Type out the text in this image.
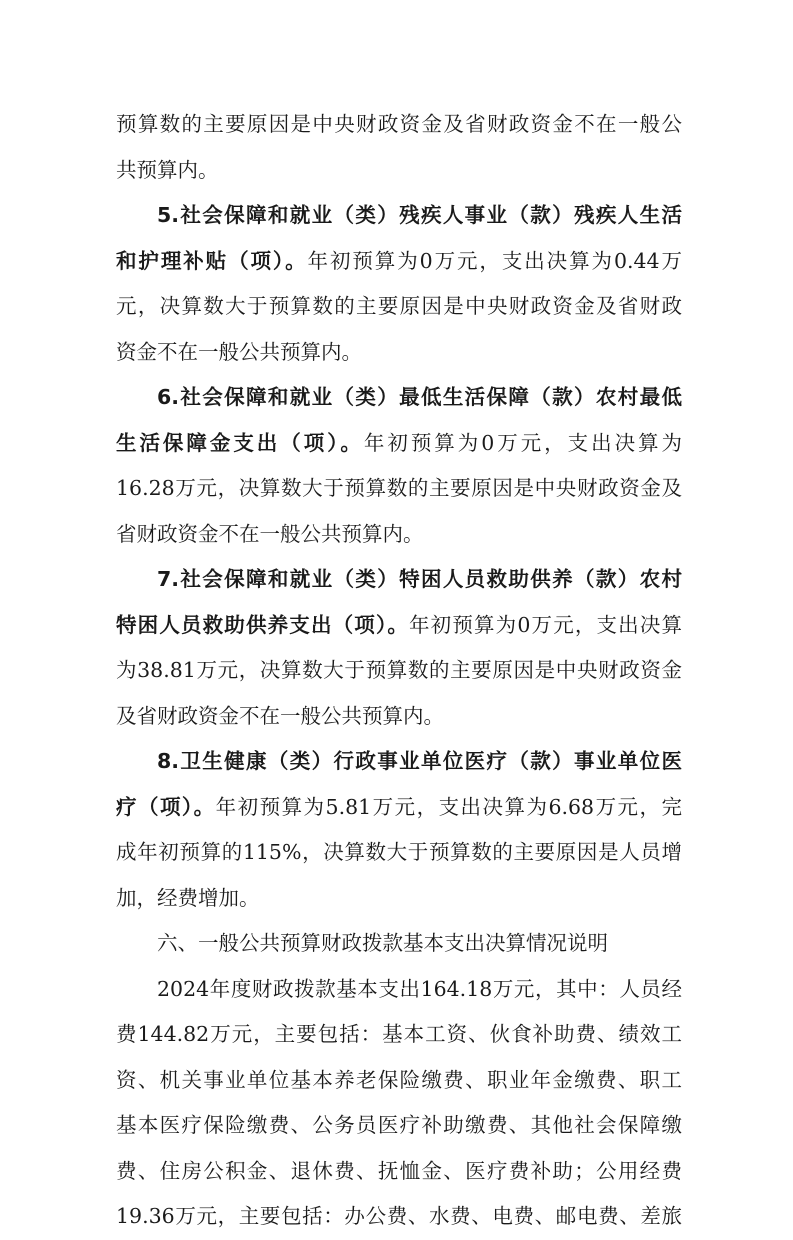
预算数的主要原因是中央财政资金及省财政资金不在一般公
共预算内。
5.社会保障和就业（类）残疾人事业（款）残疾人生活
和护理补贴（项）。年初预算为0万元，支出决算为0.44万
元，决算数大于预算数的主要原因是中央财政资金及省财政
资金不在一般公共预算内。
6.社会保障和就业（类）最低生活保障（款）农村最低
生活保障金支出（项）。年初预算为0万元，支出决算为
16.28万元，决算数大于预算数的主要原因是中央财政资金及
省财政资金不在一般公共预算内。
7.社会保障和就业（类）特困人员救助供养（款）农村
特困人员救助供养支出（项）。年初预算为0万元，支出决算
为38.81万元，决算数大于预算数的主要原因是中央财政资金
及省财政资金不在一般公共预算内。
8.卫生健康（类）行政事业单位医疗（款）事业单位医
疗（项）。年初预算为5.81万元，支出决算为6.68万元，完
成年初预算的115%，决算数大于预算数的主要原因是人员增
加，经费增加。
六、一般公共预算财政拨款基本支出决算情况说明
2024年度财政拨款基本支出164.18万元，其中：人员经
费144.82万元，主要包括：基本工资、伙食补助费、绩效工
资、机关事业单位基本养老保险缴费、职业年金缴费、职工
基本医疗保险缴费、公务员医疗补助缴费、其他社会保障缴
费、住房公积金、退休费、抚恤金、医疗费补助；公用经费
19.36万元，主要包括：办公费、水费、电费、邮电费、差旅
